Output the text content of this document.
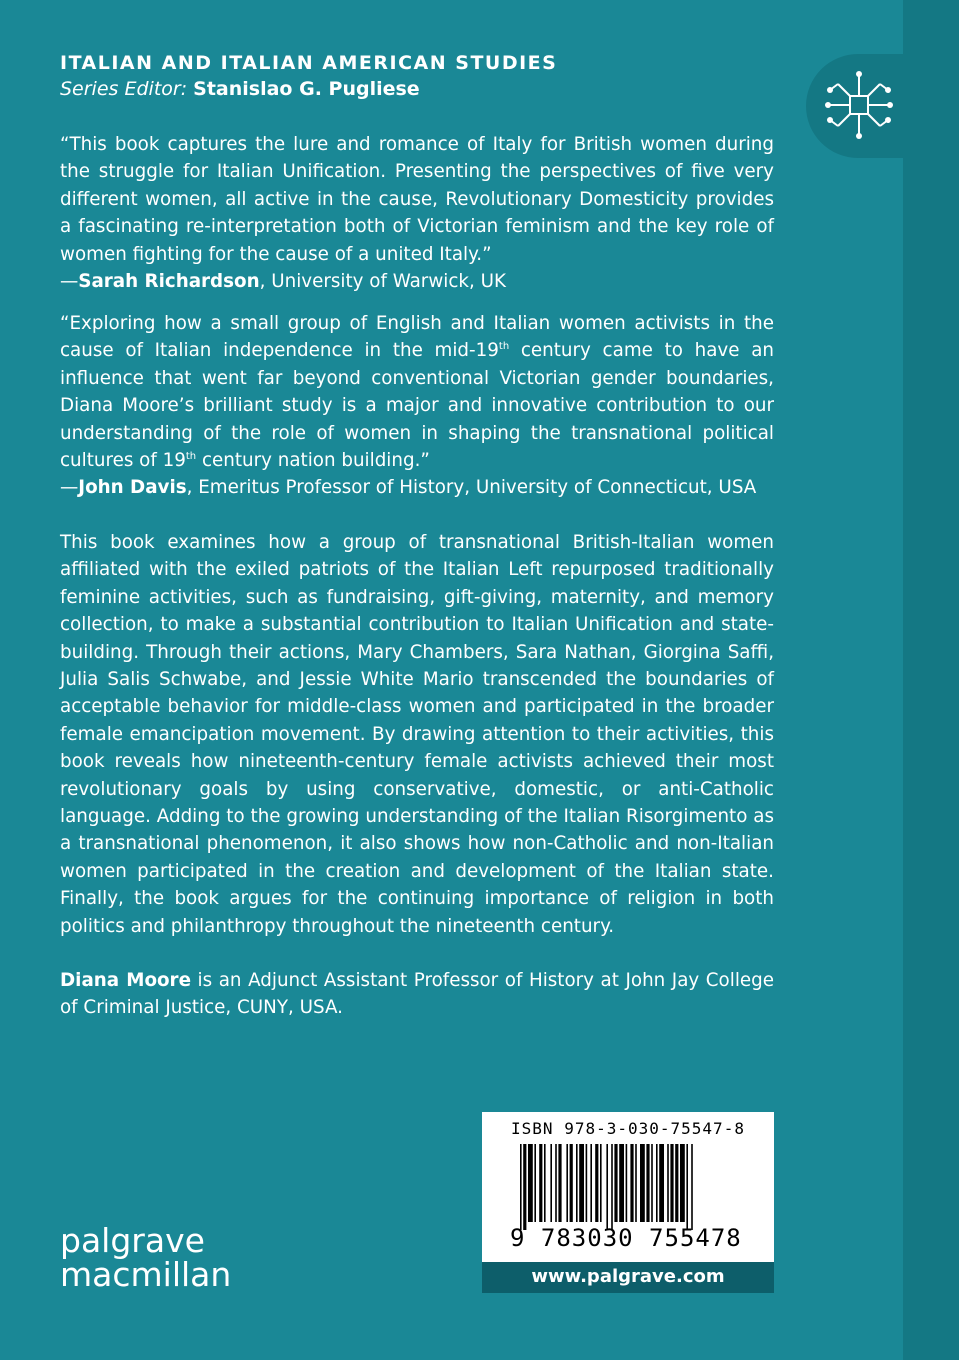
ITALIAN AND ITALIAN AMERICAN STUDIES
Series Editor: Stanislao G. Pugliese

“This book captures the lure and romance of Italy for British women during the struggle for Italian Unification. Presenting the perspectives of five very different women, all active in the cause, Revolutionary Domesticity provides a fascinating re-interpretation both of Victorian feminism and the key role of women fighting for the cause of a united Italy.”

—Sarah Richardson, University of Warwick, UK

“Exploring how a small group of English and Italian women activists in the cause of Italian independence in the mid-19th century came to have an influence that went far beyond conventional Victorian gender boundaries, Diana Moore’s brilliant study is a major and innovative contribution to our understanding of the role of women in shaping the transnational political cultures of 19th century nation building.”

—John Davis, Emeritus Professor of History, University of Connecticut, USA

This book examines how a group of transnational British-Italian women affiliated with the exiled patriots of the Italian Left repurposed traditionally feminine activities, such as fundraising, gift-giving, maternity, and memory collection, to make a substantial contribution to Italian Unification and state-building. Through their actions, Mary Chambers, Sara Nathan, Giorgina Saffi, Julia Salis Schwabe, and Jessie White Mario transcended the boundaries of acceptable behavior for middle-class women and participated in the broader female emancipation movement. By drawing attention to their activities, this book reveals how nineteenth-century female activists achieved their most revolutionary goals by using conservative, domestic, or anti-Catholic language. Adding to the growing understanding of the Italian Risorgimento as a transnational phenomenon, it also shows how non-Catholic and non-Italian women participated in the creation and development of the Italian state. Finally, the book argues for the continuing importance of religion in both politics and philanthropy throughout the nineteenth century.

Diana Moore is an Adjunct Assistant Professor of History at John Jay College of Criminal Justice, CUNY, USA.

ISBN 978-3-030-75547-8
9 783030 755478
www.palgrave.com
palgrave
macmillan
